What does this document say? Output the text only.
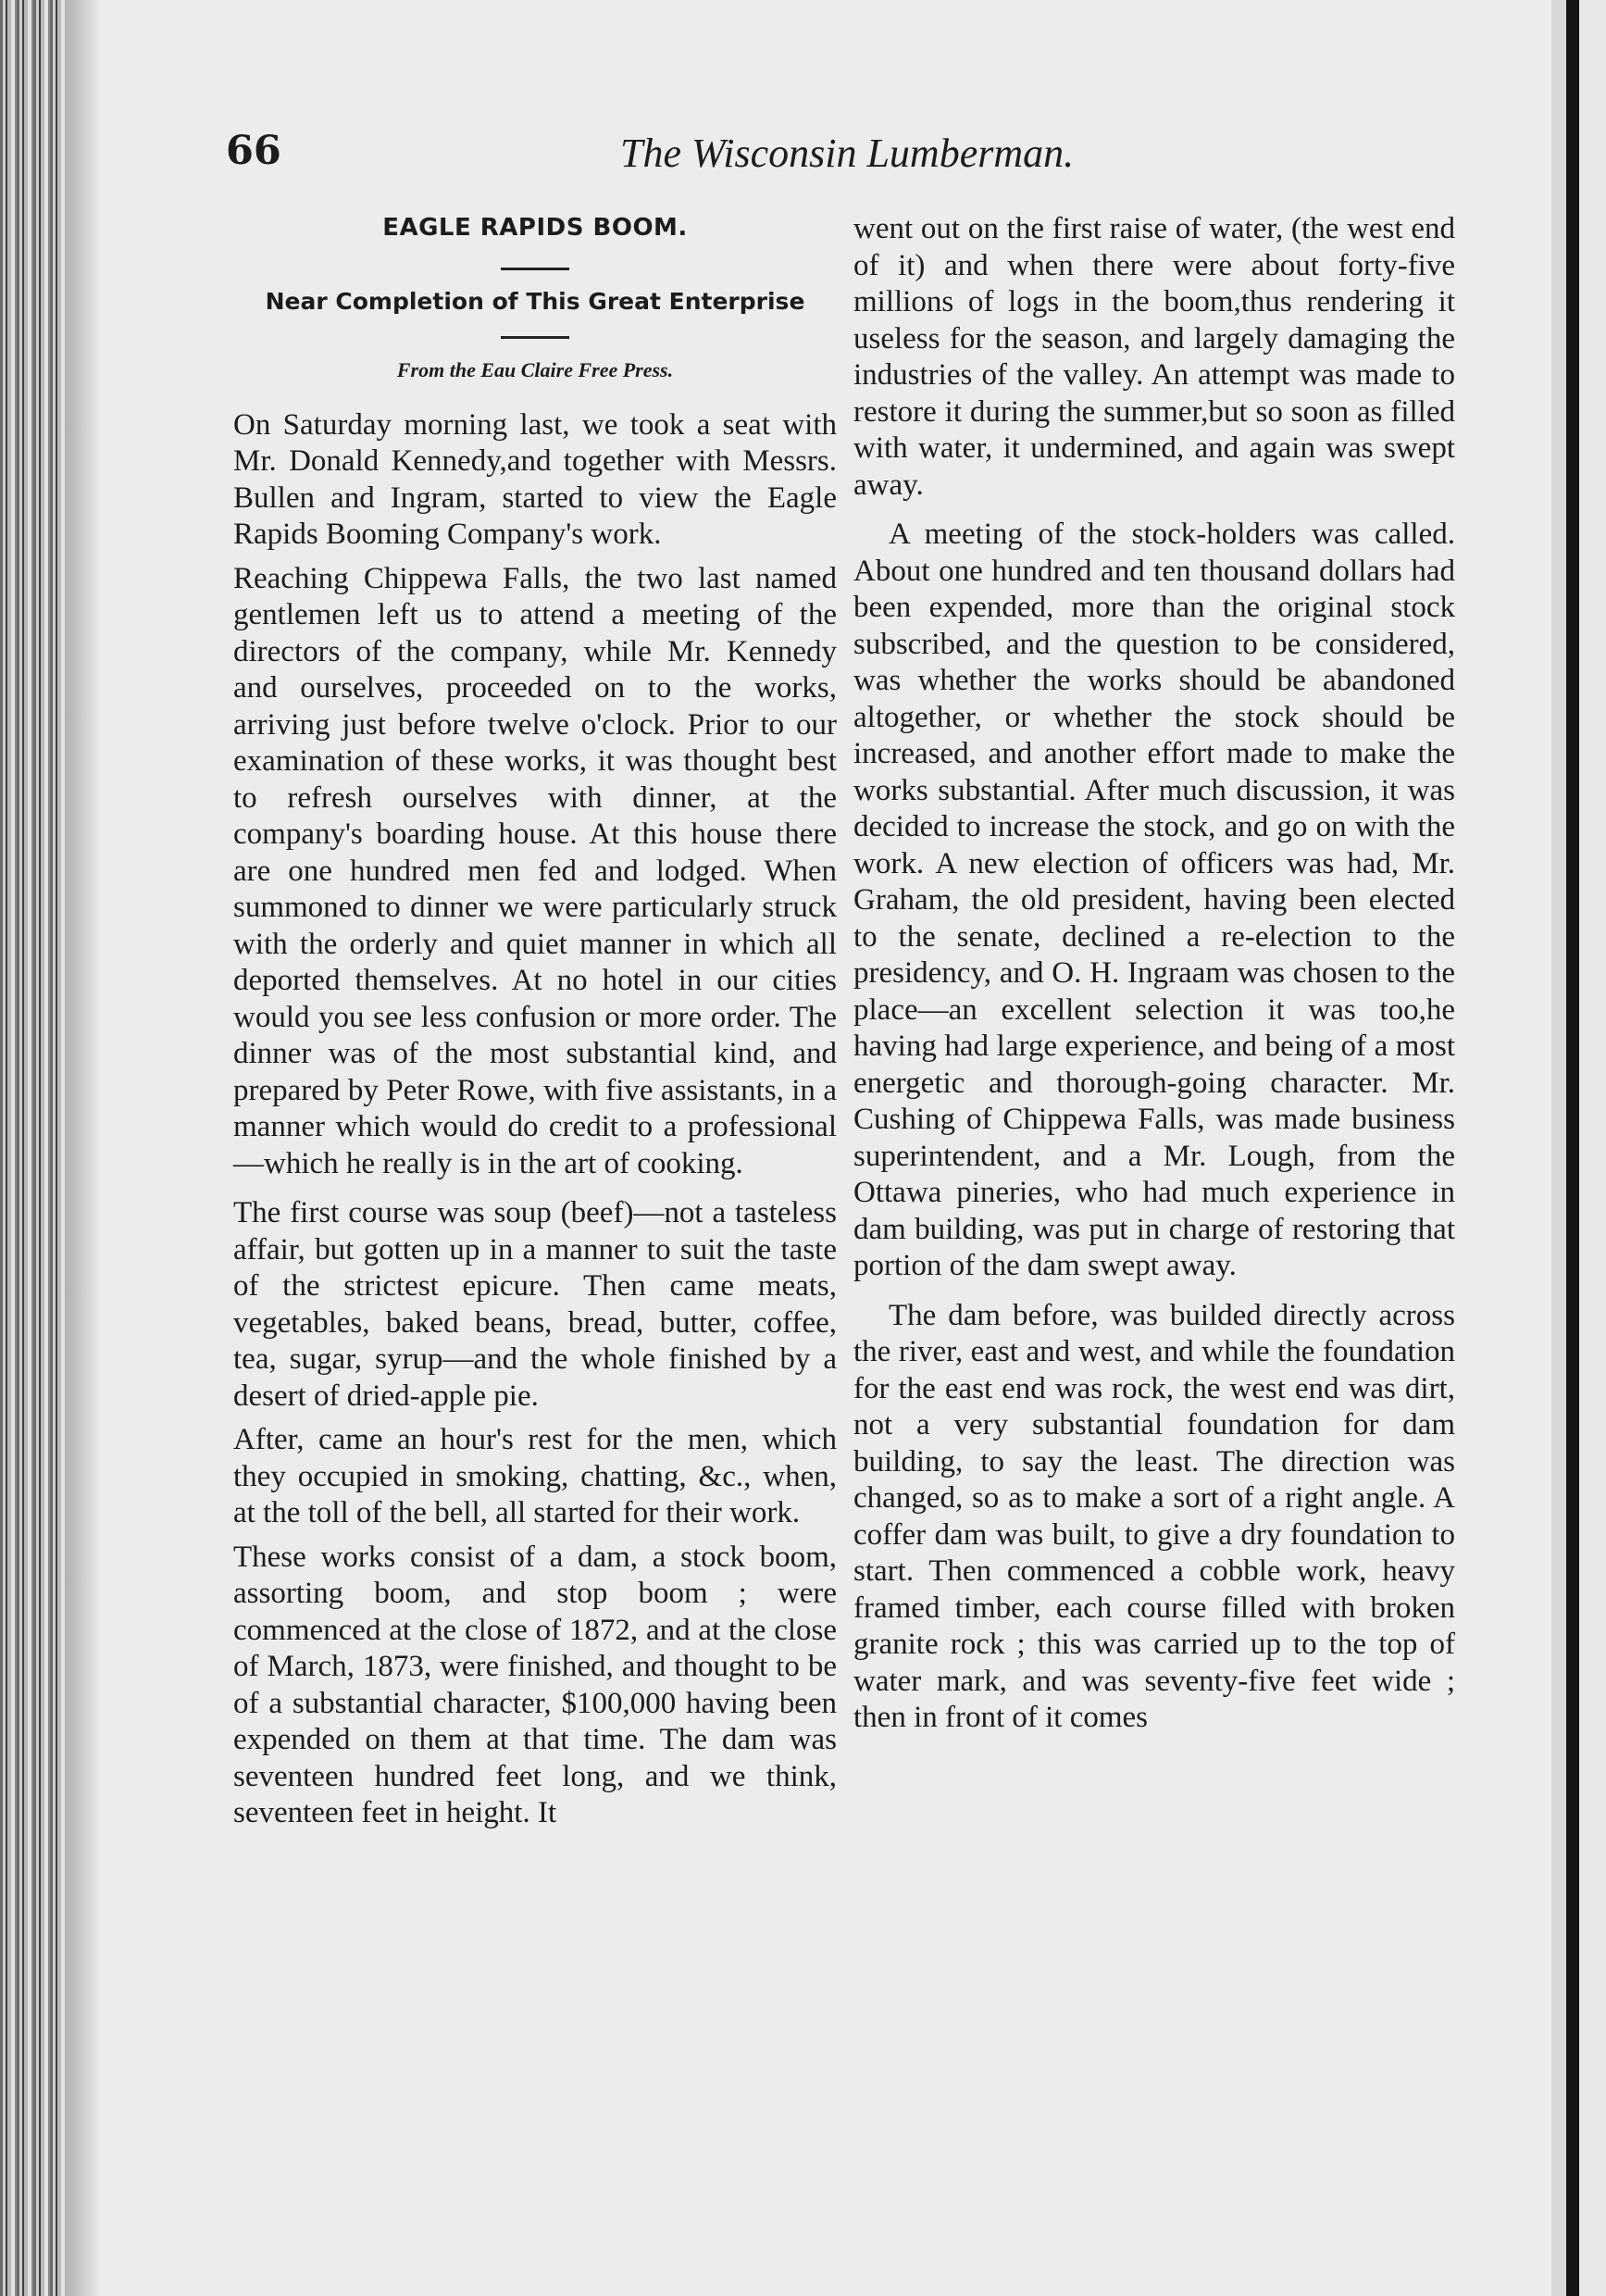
66	The Wisconsin Lumberman.
EAGLE RAPIDS BOOM.
Near Completion of This Great Enterprise
From the Eau Claire Free Press.

On Saturday morning last, we took a seat with Mr. Donald Kennedy,and together with Messrs. Bullen and Ingram, started to view the Eagle Rapids Booming Company's work.

Reaching Chippewa Falls, the two last named gentlemen left us to attend a meeting of the directors of the company, while Mr. Kennedy and ourselves, proceeded on to the works, arriving just before twelve o'clock. Prior to our examination of these works, it was thought best to refresh ourselves with dinner, at the company's boarding house. At this house there are one hundred men fed and lodged. When summoned to dinner we were particularly struck with the orderly and quiet manner in which all deported themselves. At no hotel in our cities would you see less confusion or more order. The dinner was of the most substantial kind, and prepared by Peter Rowe, with five assistants, in a manner which would do credit to a professional—which he really is in the art of cooking.

The first course was soup (beef)—not a tasteless affair, but gotten up in a manner to suit the taste of the strictest epicure. Then came meats, vegetables, baked beans, bread, butter, coffee, tea, sugar, syrup—and the whole finished by a desert of dried-apple pie.

After, came an hour's rest for the men, which they occupied in smoking, chatting, &c., when, at the toll of the bell, all started for their work.

These works consist of a dam, a stock boom, assorting boom, and stop boom ; were commenced at the close of 1872, and at the close of March, 1873, were finished, and thought to be of a substantial character, $100,000 having been expended on them at that time. The dam was seventeen hundred feet long, and we think, seventeen feet in height. It

went out on the first raise of water, (the west end of it) and when there were about forty-five millions of logs in the boom,thus rendering it useless for the season, and largely damaging the industries of the valley. An attempt was made to restore it during the summer,but so soon as filled with water, it undermined, and again was swept away.

A meeting of the stock-holders was called. About one hundred and ten thousand dollars had been expended, more than the original stock subscribed, and the question to be considered, was whether the works should be abandoned altogether, or whether the stock should be increased, and another effort made to make the works substantial. After much discussion, it was decided to increase the stock, and go on with the work. A new election of officers was had, Mr. Graham, the old president, having been elected to the senate, declined a re-election to the presidency, and O. H. Ingraam was chosen to the place—an excellent selection it was too,he having had large experience, and being of a most energetic and thorough-going character. Mr. Cushing of Chippewa Falls, was made business superintendent, and a Mr. Lough, from the Ottawa pineries, who had much experience in dam building, was put in charge of restoring that portion of the dam swept away.

The dam before, was builded directly across the river, east and west, and while the foundation for the east end was rock, the west end was dirt, not a very substantial foundation for dam building, to say the least. The direction was changed, so as to make a sort of a right angle. A coffer dam was built, to give a dry foundation to start. Then commenced a cobble work, heavy framed timber, each course filled with broken granite rock ; this was carried up to the top of water mark, and was seventy-five feet wide ; then in front of it comes
